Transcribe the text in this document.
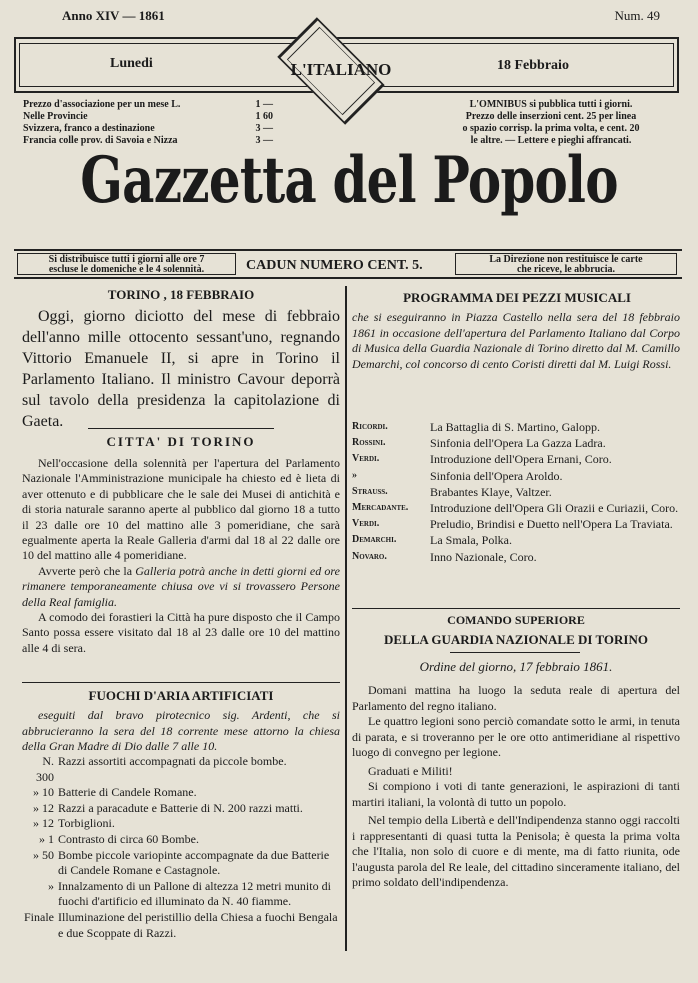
Anno XIV — 1861	Num. 49
Lunedi	18 Febbraio
L'ITALIANO
Prezzo d'associazione per un mese L.	1 —
Nelle Provincie	1 60
Svizzera, franco a destinazione	3 —
Francia colle prov. di Savoia e Nizza	3 —
L'OMNIBUS si pubblica tutti i giorni.
Prezzo delle inserzioni cent. 25 per linea
o spazio corrisp. la prima volta, e cent. 20
le altre. — Lettere e pieghi affrancati.
Gazzetta del Popolo
Si distribuisce tutti i giorni alle ore 7
escluse le domeniche e le 4 solennità.	CADUN NUMERO CENT. 5.	La Direzione non restituisce le carte
che riceve, le abbrucia.
TORINO , 18 FEBBRAIO
Oggi, giorno diciotto del mese di febbraio dell'anno mille ottocento sessant'uno, regnando Vittorio Emanuele II, si apre in Torino il Parlamento Italiano. Il ministro Cavour deporrà sul tavolo della presidenza la capitolazione di Gaeta.
CITTA' DI TORINO

Nell'occasione della solennità per l'apertura del Parlamento Nazionale l'Amministrazione municipale ha chiesto ed è lieta di aver ottenuto e di pubblicare che le sale dei Musei di antichità e di storia naturale saranno aperte al pubblico dal giorno 18 a tutto il 23 dalle ore 10 del mattino alle 3 pomeridiane, che sarà egualmente aperta la Reale Galleria d'armi dal 18 al 22 dalle ore 10 del mattino alle 4 pomeridiane.

Avverte però che la Galleria potrà anche in detti giorni ed ore rimanere temporaneamente chiusa ove vi si trovassero Persone della Real famiglia.

A comodo dei forastieri la Città ha pure disposto che il Campo Santo possa essere visitato dal 18 al 23 dalle ore 10 del mattino alle 4 di sera.

FUOCHI D'ARIA ARTIFICIATI
eseguiti dal bravo pirotecnico sig. Ardenti, che si abbrucieranno la sera del 18 corrente mese attorno la chiesa della Gran Madre di Dio dalle 7 alle 10.
N. 300
Razzi assortiti accompagnati da piccole bombe.
» 10 Batterie di Candele Romane.
» 12 Razzi a paracadute e Batterie di N. 200 razzi matti.
» 12 Torbiglioni.
» 1 Contrasto di circa 60 Bombe.
» 50 Bombe piccole variopinte accompagnate da due Batterie di Candele Romane e Castagnole.
» Innalzamento di un Pallone di altezza 12 metri munito di fuochi d'artificio ed illuminato da N. 40 fiamme.
Finale Illuminazione del peristillio della Chiesa a fuochi Bengala e due Scoppate di Razzi.
PROGRAMMA DEI PEZZI MUSICALI
che si eseguiranno in Piazza Castello nella sera del 18 febbraio 1861 in occasione dell'apertura del Parlamento Italiano dal Corpo di Musica della Guardia Nazionale di Torino diretto dal M. Camillo Demarchi, col concorso di cento Coristi diretti dal M. Luigi Rossi.
Ricordi.	La Battaglia di S. Martino, Galopp.
Rossini.	Sinfonia dell'Opera La Gazza Ladra.
Verdi.	Introduzione dell'Opera Ernani, Coro.
»	Sinfonia dell'Opera Aroldo.
Strauss.	Brabantes Klaye, Valtzer.
Mercadante.	Introduzione dell'Opera Gli Orazii e Curiazii, Coro.
Verdi.	Preludio, Brindisi e Duetto nell'Opera La Traviata.
Demarchi.	La Smala, Polka.
Novaro.	Inno Nazionale, Coro.
COMANDO SUPERIORE
DELLA GUARDIA NAZIONALE DI TORINO
Ordine del giorno, 17 febbraio 1861.

Domani mattina ha luogo la seduta reale di apertura del Parlamento del regno italiano.

Le quattro legioni sono perciò comandate sotto le armi, in tenuta di parata, e si troveranno per le ore otto antimeridiane al rispettivo luogo di convegno per legione.

Graduati e Militi!

Si compiono i voti di tante generazioni, le aspirazioni di tanti martiri italiani, la volontà di tutto un popolo.

Nel tempio della Libertà e dell'Indipendenza stanno oggi raccolti i rappresentanti di quasi tutta la Penisola; è questa la prima volta che l'Italia, non solo di cuore e di mente, ma di fatto riunita, ode l'augusta parola del Re leale, del cittadino sinceramente italiano, del primo soldato dell'indipendenza.
